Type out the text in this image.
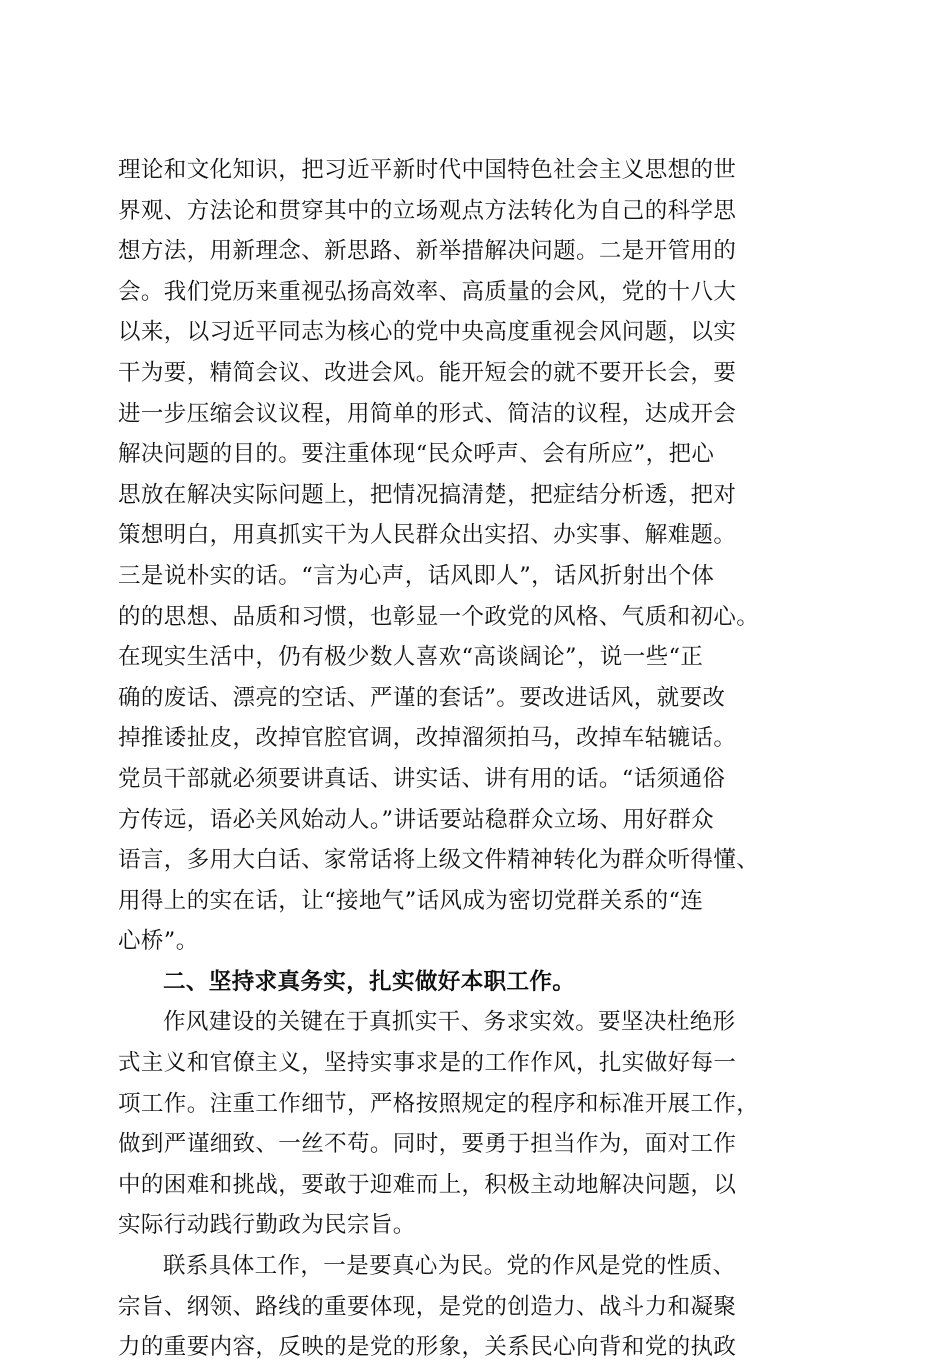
理论和文化知识，把习近平新时代中国特色社会主义思想的世
界观、方法论和贯穿其中的立场观点方法转化为自己的科学思
想方法，用新理念、新思路、新举措解决问题。二是开管用的
会。我们党历来重视弘扬高效率、高质量的会风，党的十八大
以来，以习近平同志为核心的党中央高度重视会风问题，以实
干为要，精简会议、改进会风。能开短会的就不要开长会，要
进一步压缩会议议程，用简单的形式、简洁的议程，达成开会
解决问题的目的。要注重体现“民众呼声、会有所应”，把心
思放在解决实际问题上，把情况搞清楚，把症结分析透，把对
策想明白，用真抓实干为人民群众出实招、办实事、解难题。
三是说朴实的话。“言为心声，话风即人”，话风折射出个体
的的思想、品质和习惯，也彰显一个政党的风格、气质和初心。
在现实生活中，仍有极少数人喜欢“高谈阔论”，说一些“正
确的废话、漂亮的空话、严谨的套话”。要改进话风，就要改
掉推诿扯皮，改掉官腔官调，改掉溜须拍马，改掉车轱辘话。
党员干部就必须要讲真话、讲实话、讲有用的话。“话须通俗
方传远，语必关风始动人。”讲话要站稳群众立场、用好群众
语言，多用大白话、家常话将上级文件精神转化为群众听得懂、
用得上的实在话，让“接地气”话风成为密切党群关系的“连
心桥”。
二、坚持求真务实，扎实做好本职工作。
作风建设的关键在于真抓实干、务求实效。要坚决杜绝形
式主义和官僚主义，坚持实事求是的工作作风，扎实做好每一
项工作。注重工作细节，严格按照规定的程序和标准开展工作，
做到严谨细致、一丝不苟。同时，要勇于担当作为，面对工作
中的困难和挑战，要敢于迎难而上，积极主动地解决问题，以
实际行动践行勤政为民宗旨。
联系具体工作，一是要真心为民。党的作风是党的性质、
宗旨、纲领、路线的重要体现，是党的创造力、战斗力和凝聚
力的重要内容，反映的是党的形象，关系民心向背和党的执政
